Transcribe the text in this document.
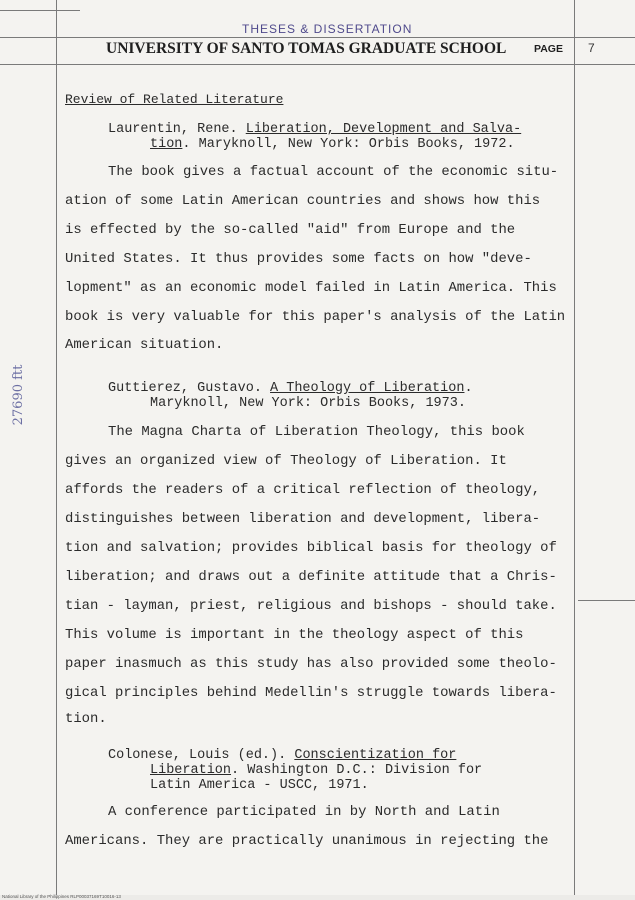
THESES & DISSERTATION
UNIVERSITY OF SANTO TOMAS GRADUATE SCHOOL	PAGE 7
27690 ftt
Review of Related Literature
Laurentin, Rene. Liberation, Development and Salva-
tion. Maryknoll, New York: Orbis Books, 1972.
The book gives a factual account of the economic situ-
ation of some Latin American countries and shows how this
is effected by the so-called "aid" from Europe and the
United States. It thus provides some facts on how "deve-
lopment" as an economic model failed in Latin America. This
book is very valuable for this paper's analysis of the Latin
American situation.
Guttierez, Gustavo. A Theology of Liberation.
Maryknoll, New York: Orbis Books, 1973.
The Magna Charta of Liberation Theology, this book
gives an organized view of Theology of Liberation. It
affords the readers of a critical reflection of theology,
distinguishes between liberation and development, libera-
tion and salvation; provides biblical basis for theology of
liberation; and draws out a definite attitude that a Chris-
tian - layman, priest, religious and bishops - should take.
This volume is important in the theology aspect of this
paper inasmuch as this study has also provided some theolo-
gical principles behind Medellin's struggle towards libera-
tion.
Colonese, Louis (ed.). Conscientization for
Liberation. Washington D.C.: Division for
Latin America - USCC, 1971.
A conference participated in by North and Latin
Americans. They are practically unanimous in rejecting the
National Library of the Philippines RLP00037169T10016-13
